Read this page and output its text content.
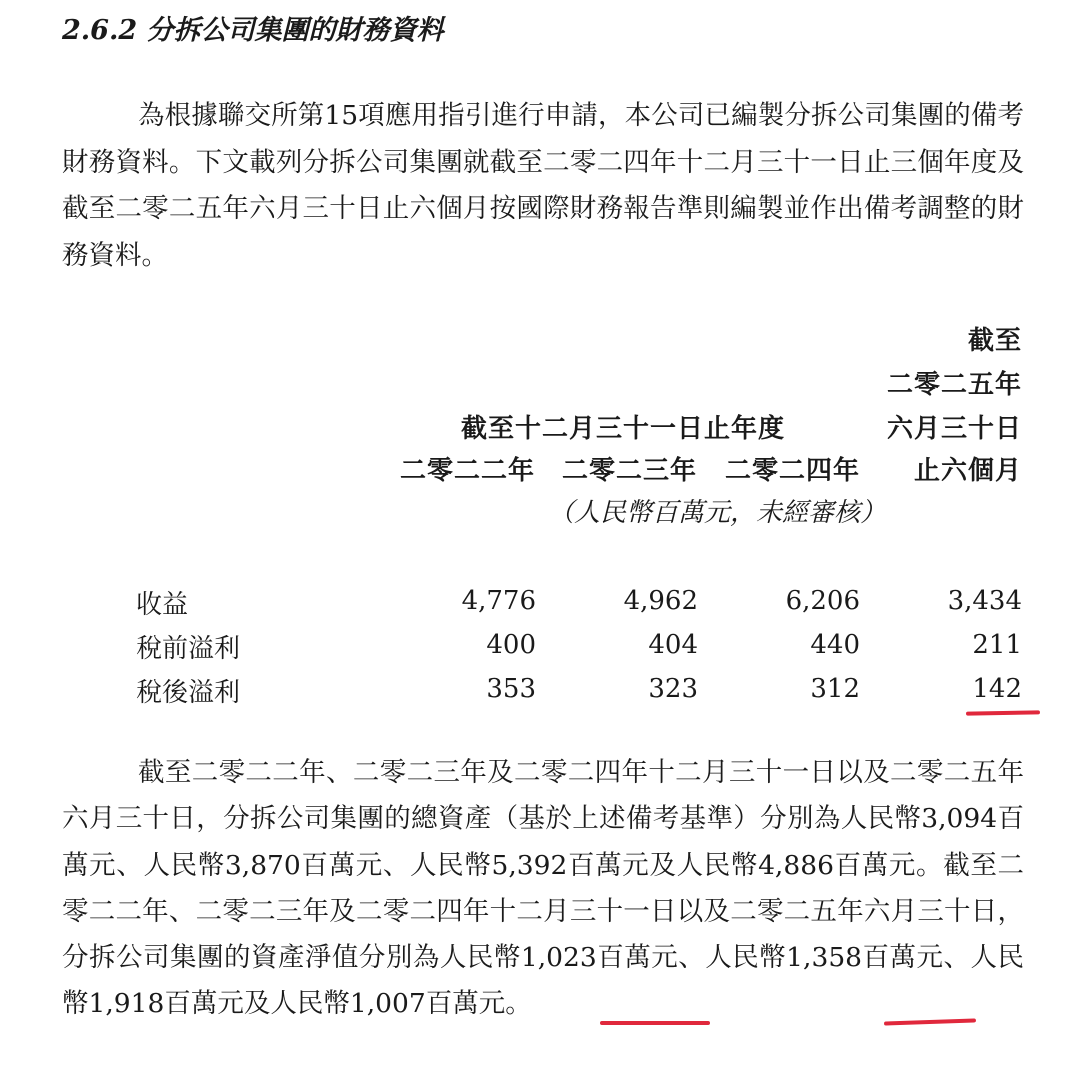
2.6.2 分拆公司集團的財務資料
為根據聯交所第15項應用指引進行申請，本公司已編製分拆公司集團的備考財務資料。下文載列分拆公司集團就截至二零二四年十二月三十一日止三個年度及截至二零二五年六月三十日止六個月按國際財務報告準則編製並作出備考調整的財務資料。
截至
二零二五年
截至十二月三十一日止年度	六月三十日
二零二二年 二零二三年 二零二四年 止六個月
（人民幣百萬元，未經審核）
收益	4,776	4,962	6,206	3,434
稅前溢利	400	404	440	211
稅後溢利	353	323	312	142
截至二零二二年、二零二三年及二零二四年十二月三十一日以及二零二五年六月三十日，分拆公司集團的總資產（基於上述備考基準）分別為人民幣3,094百萬元、人民幣3,870百萬元、人民幣5,392百萬元及人民幣4,886百萬元。截至二零二二年、二零二三年及二零二四年十二月三十一日以及二零二五年六月三十日，分拆公司集團的資產淨值分別為人民幣1,023百萬元、人民幣1,358百萬元、人民幣1,918百萬元及人民幣1,007百萬元。
